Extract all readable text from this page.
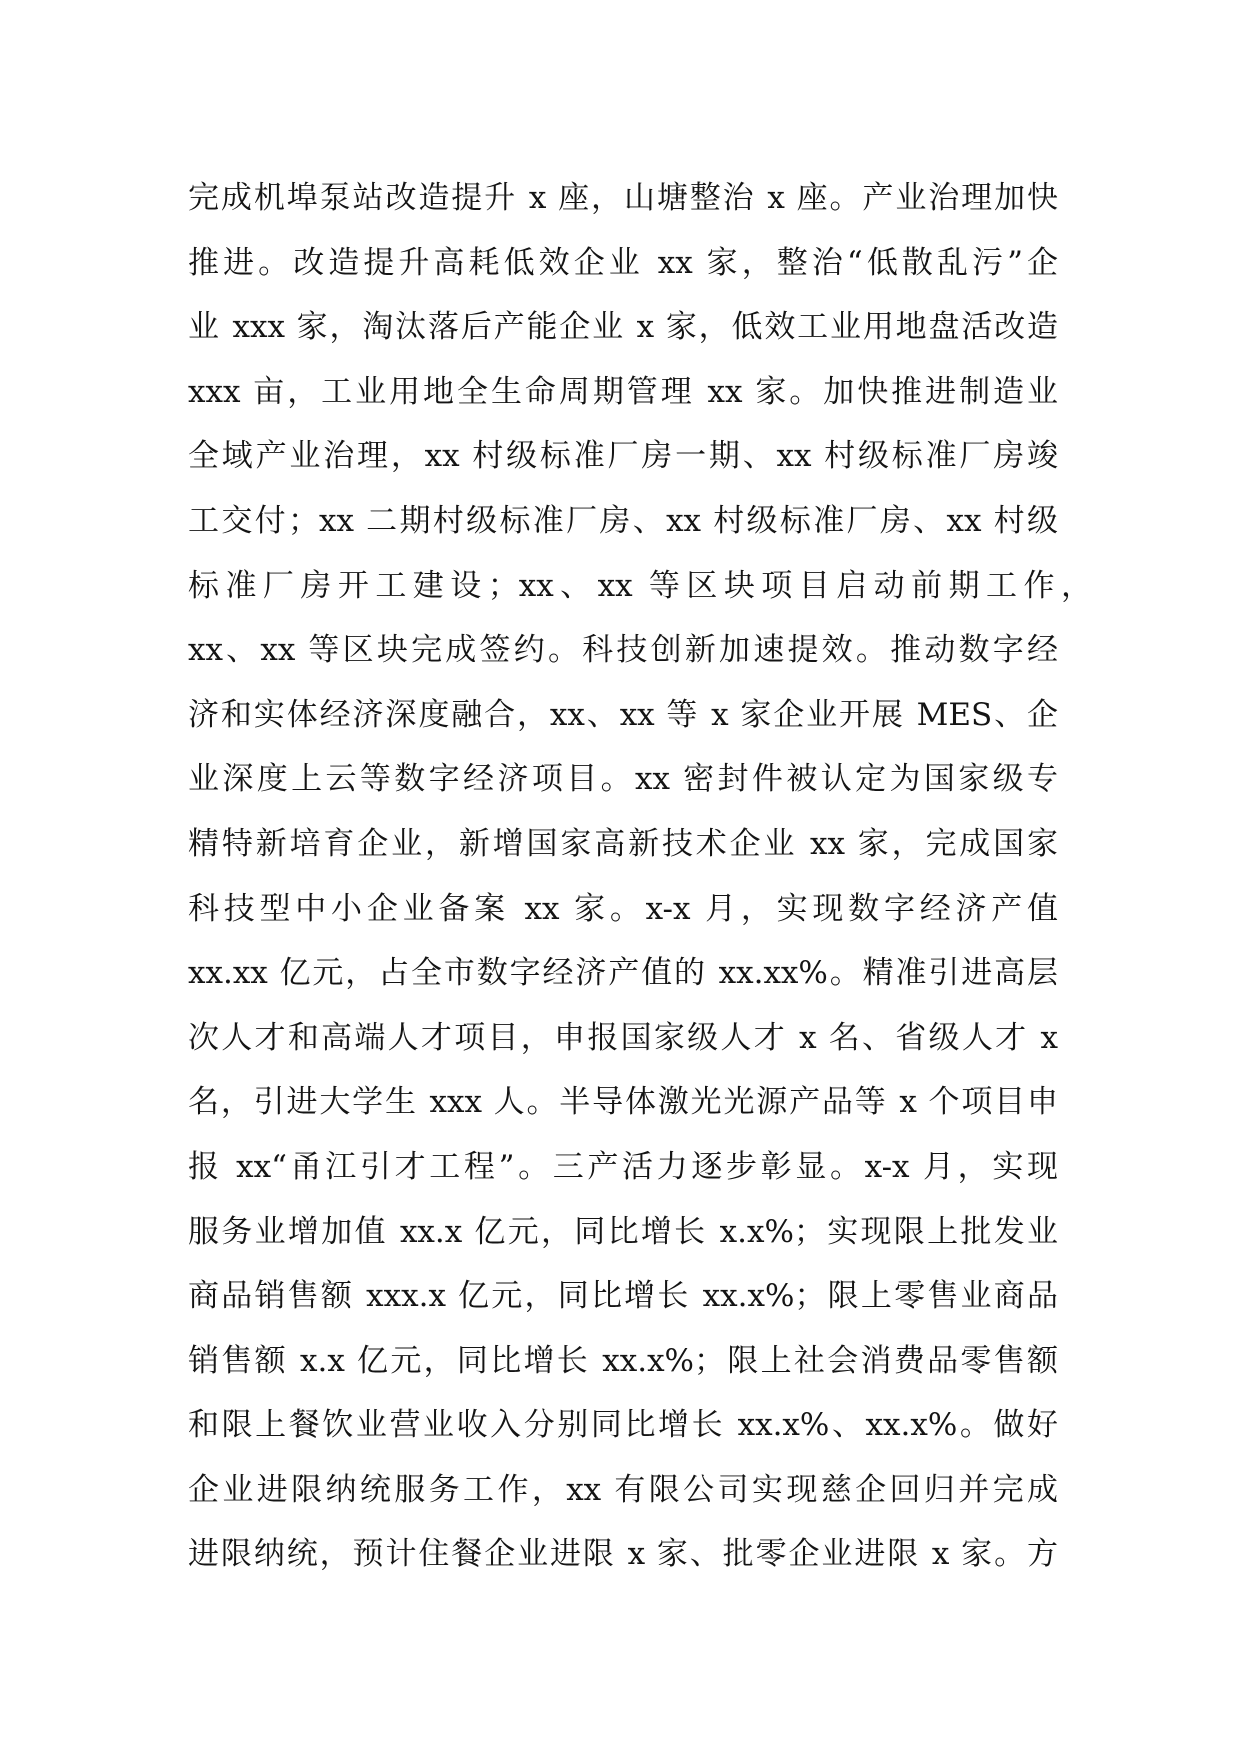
完成机埠泵站改造提升 x 座，山塘整治 x 座。产业治理加快
推进。改造提升高耗低效企业 xx 家，整治“低散乱污”企
业 xxx 家，淘汰落后产能企业 x 家，低效工业用地盘活改造
xxx 亩，工业用地全生命周期管理 xx 家。加快推进制造业
全域产业治理，xx 村级标准厂房一期、xx 村级标准厂房竣
工交付；xx 二期村级标准厂房、xx 村级标准厂房、xx 村级
标准厂房开工建设；xx、xx 等区块项目启动前期工作，
xx、xx 等区块完成签约。科技创新加速提效。推动数字经
济和实体经济深度融合，xx、xx 等 x 家企业开展 MES、企
业深度上云等数字经济项目。xx 密封件被认定为国家级专
精特新培育企业，新增国家高新技术企业 xx 家，完成国家
科技型中小企业备案 xx 家。x-x 月，实现数字经济产值
xx.xx 亿元，占全市数字经济产值的 xx.xx%。精准引进高层
次人才和高端人才项目，申报国家级人才 x 名、省级人才 x
名，引进大学生 xxx 人。半导体激光光源产品等 x 个项目申
报 xx“甬江引才工程”。三产活力逐步彰显。x-x 月，实现
服务业增加值 xx.x 亿元，同比增长 x.x%；实现限上批发业
商品销售额 xxx.x 亿元，同比增长 xx.x%；限上零售业商品
销售额 x.x 亿元，同比增长 xx.x%；限上社会消费品零售额
和限上餐饮业营业收入分别同比增长 xx.x%、xx.x%。做好
企业进限纳统服务工作，xx 有限公司实现慈企回归并完成
进限纳统，预计住餐企业进限 x 家、批零企业进限 x 家。方
